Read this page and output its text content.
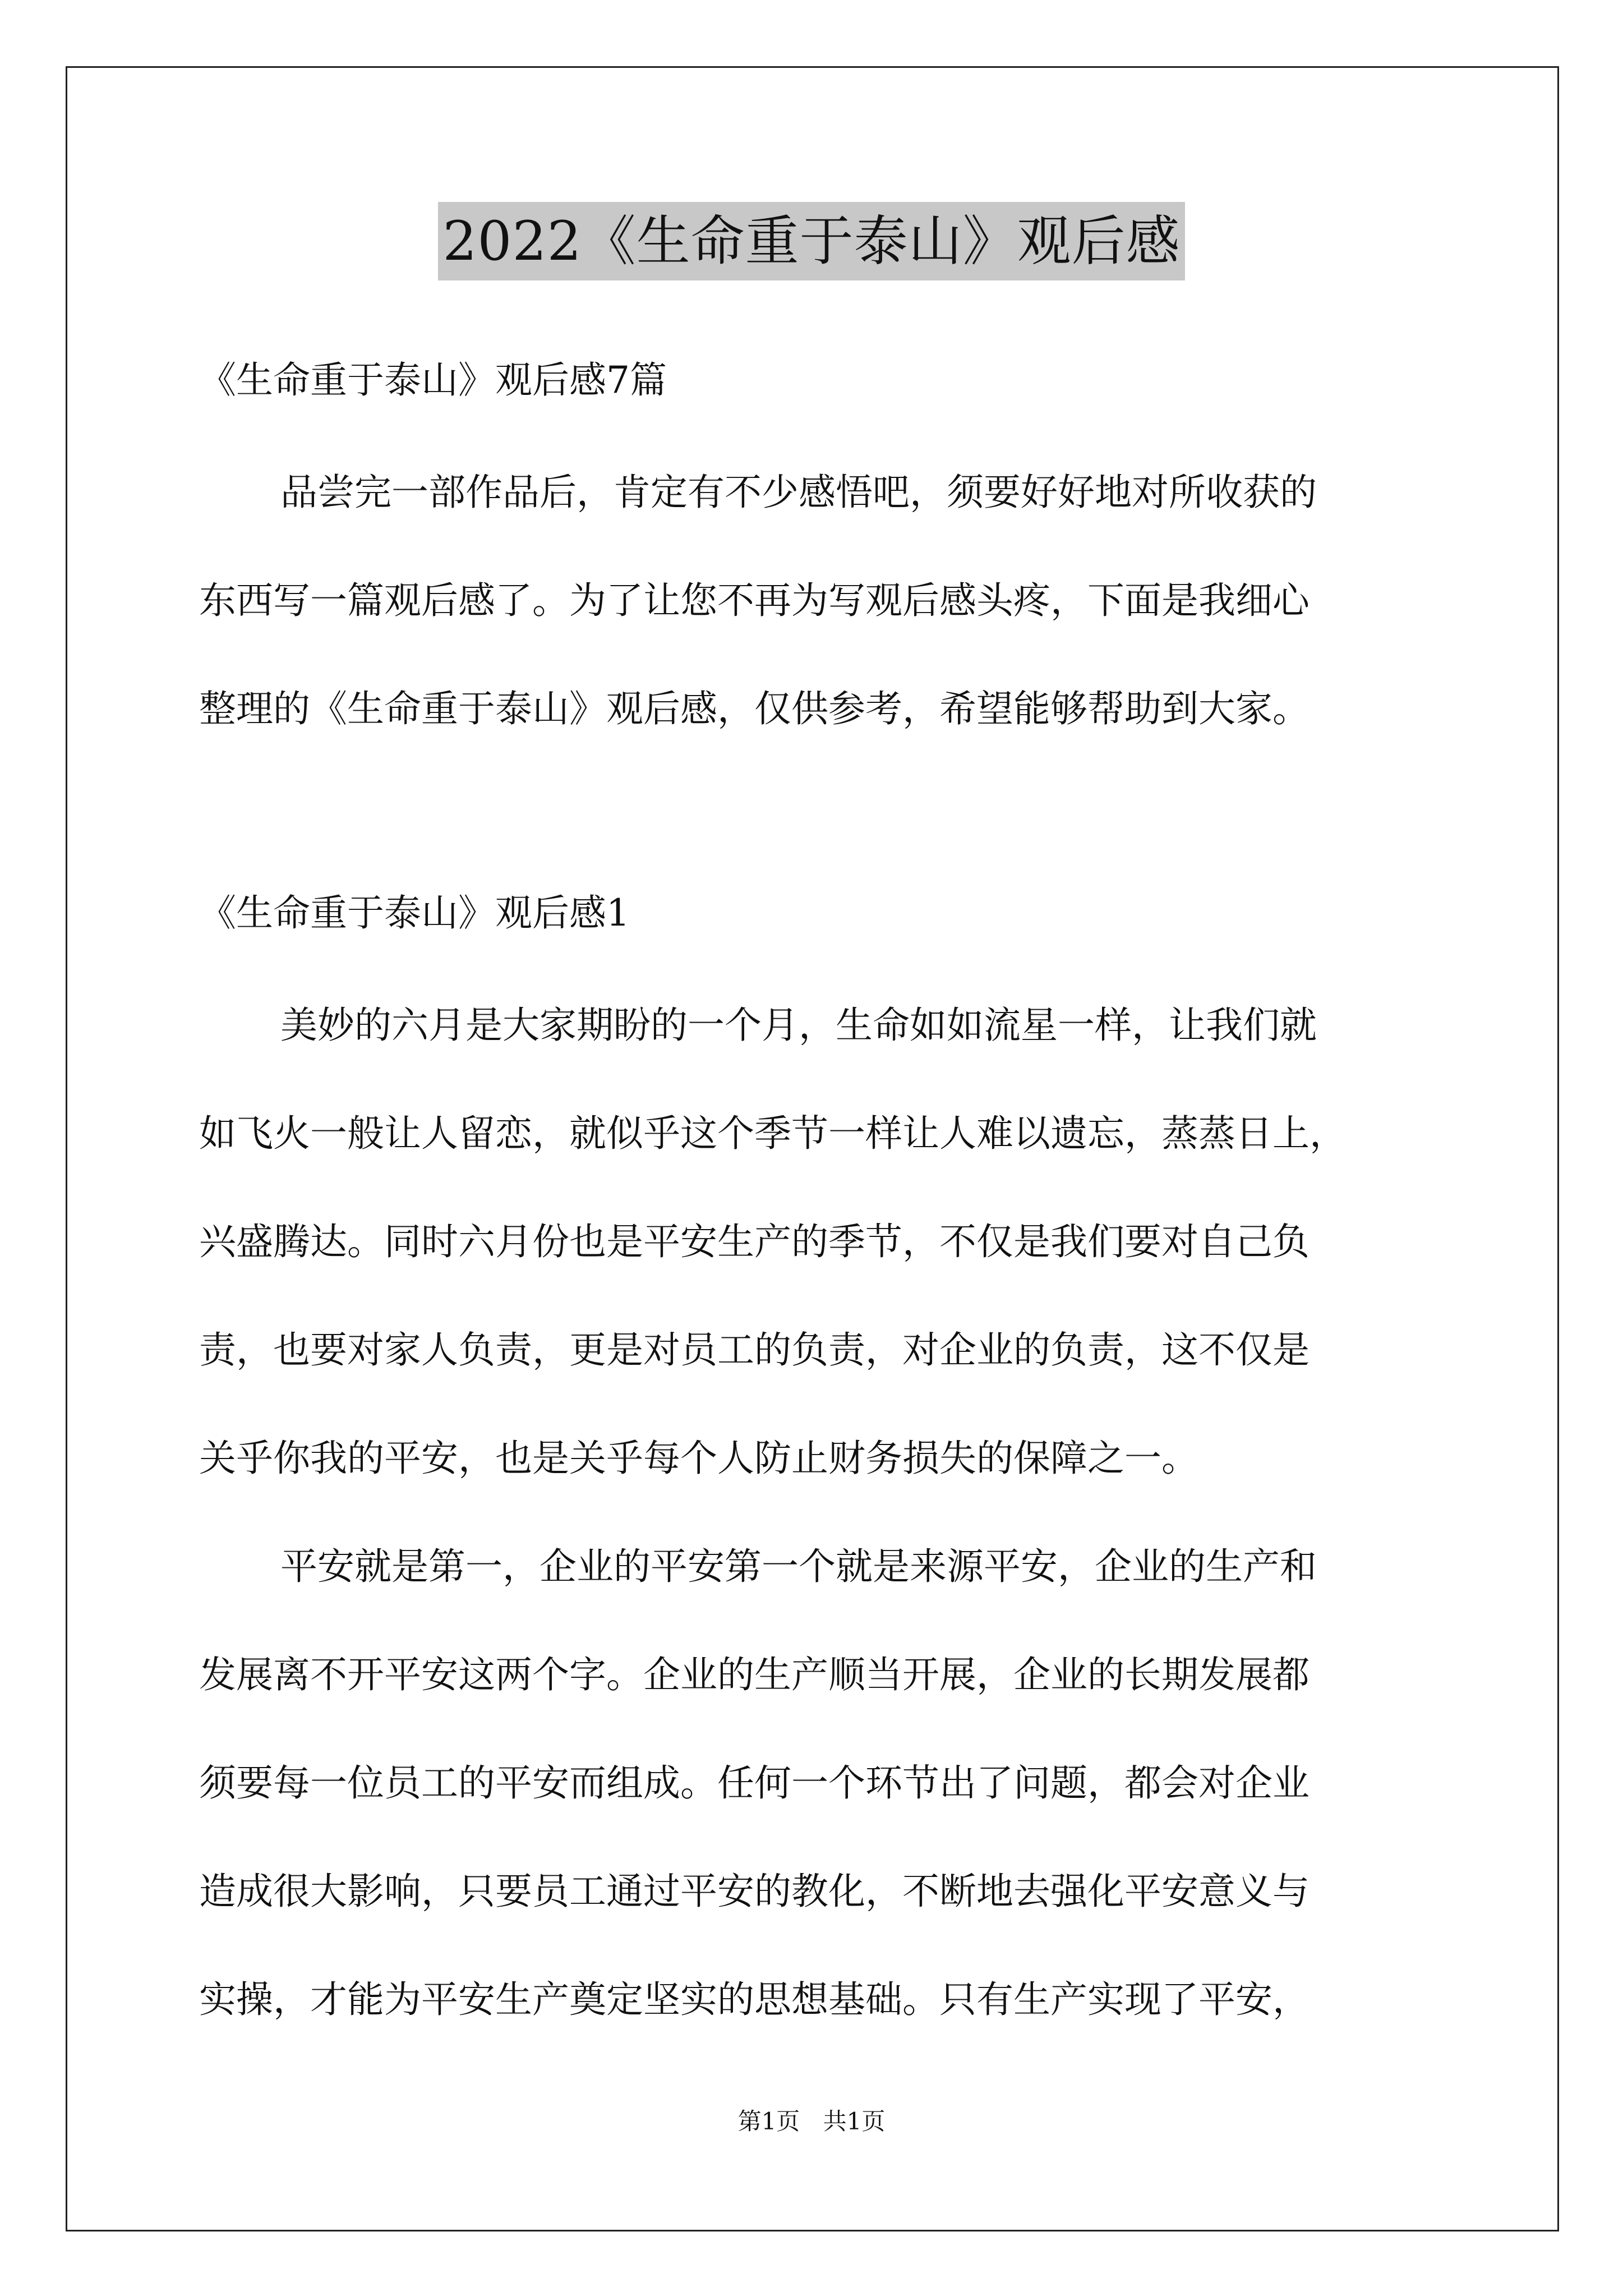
2022《生命重于泰山》观后感
《生命重于泰山》观后感7篇
品尝完一部作品后，肯定有不少感悟吧，须要好好地对所收获的
东西写一篇观后感了。为了让您不再为写观后感头疼，下面是我细心
整理的《生命重于泰山》观后感，仅供参考，希望能够帮助到大家。
《生命重于泰山》观后感1
美妙的六月是大家期盼的一个月，生命如如流星一样，让我们就
如飞火一般让人留恋，就似乎这个季节一样让人难以遗忘，蒸蒸日上，
兴盛腾达。同时六月份也是平安生产的季节，不仅是我们要对自己负
责，也要对家人负责，更是对员工的负责，对企业的负责，这不仅是
关乎你我的平安，也是关乎每个人防止财务损失的保障之一。
平安就是第一，企业的平安第一个就是来源平安，企业的生产和
发展离不开平安这两个字。企业的生产顺当开展，企业的长期发展都
须要每一位员工的平安而组成。任何一个环节出了问题，都会对企业
造成很大影响，只要员工通过平安的教化，不断地去强化平安意义与
实操，才能为平安生产奠定坚实的思想基础。只有生产实现了平安，
第1页 共1页
